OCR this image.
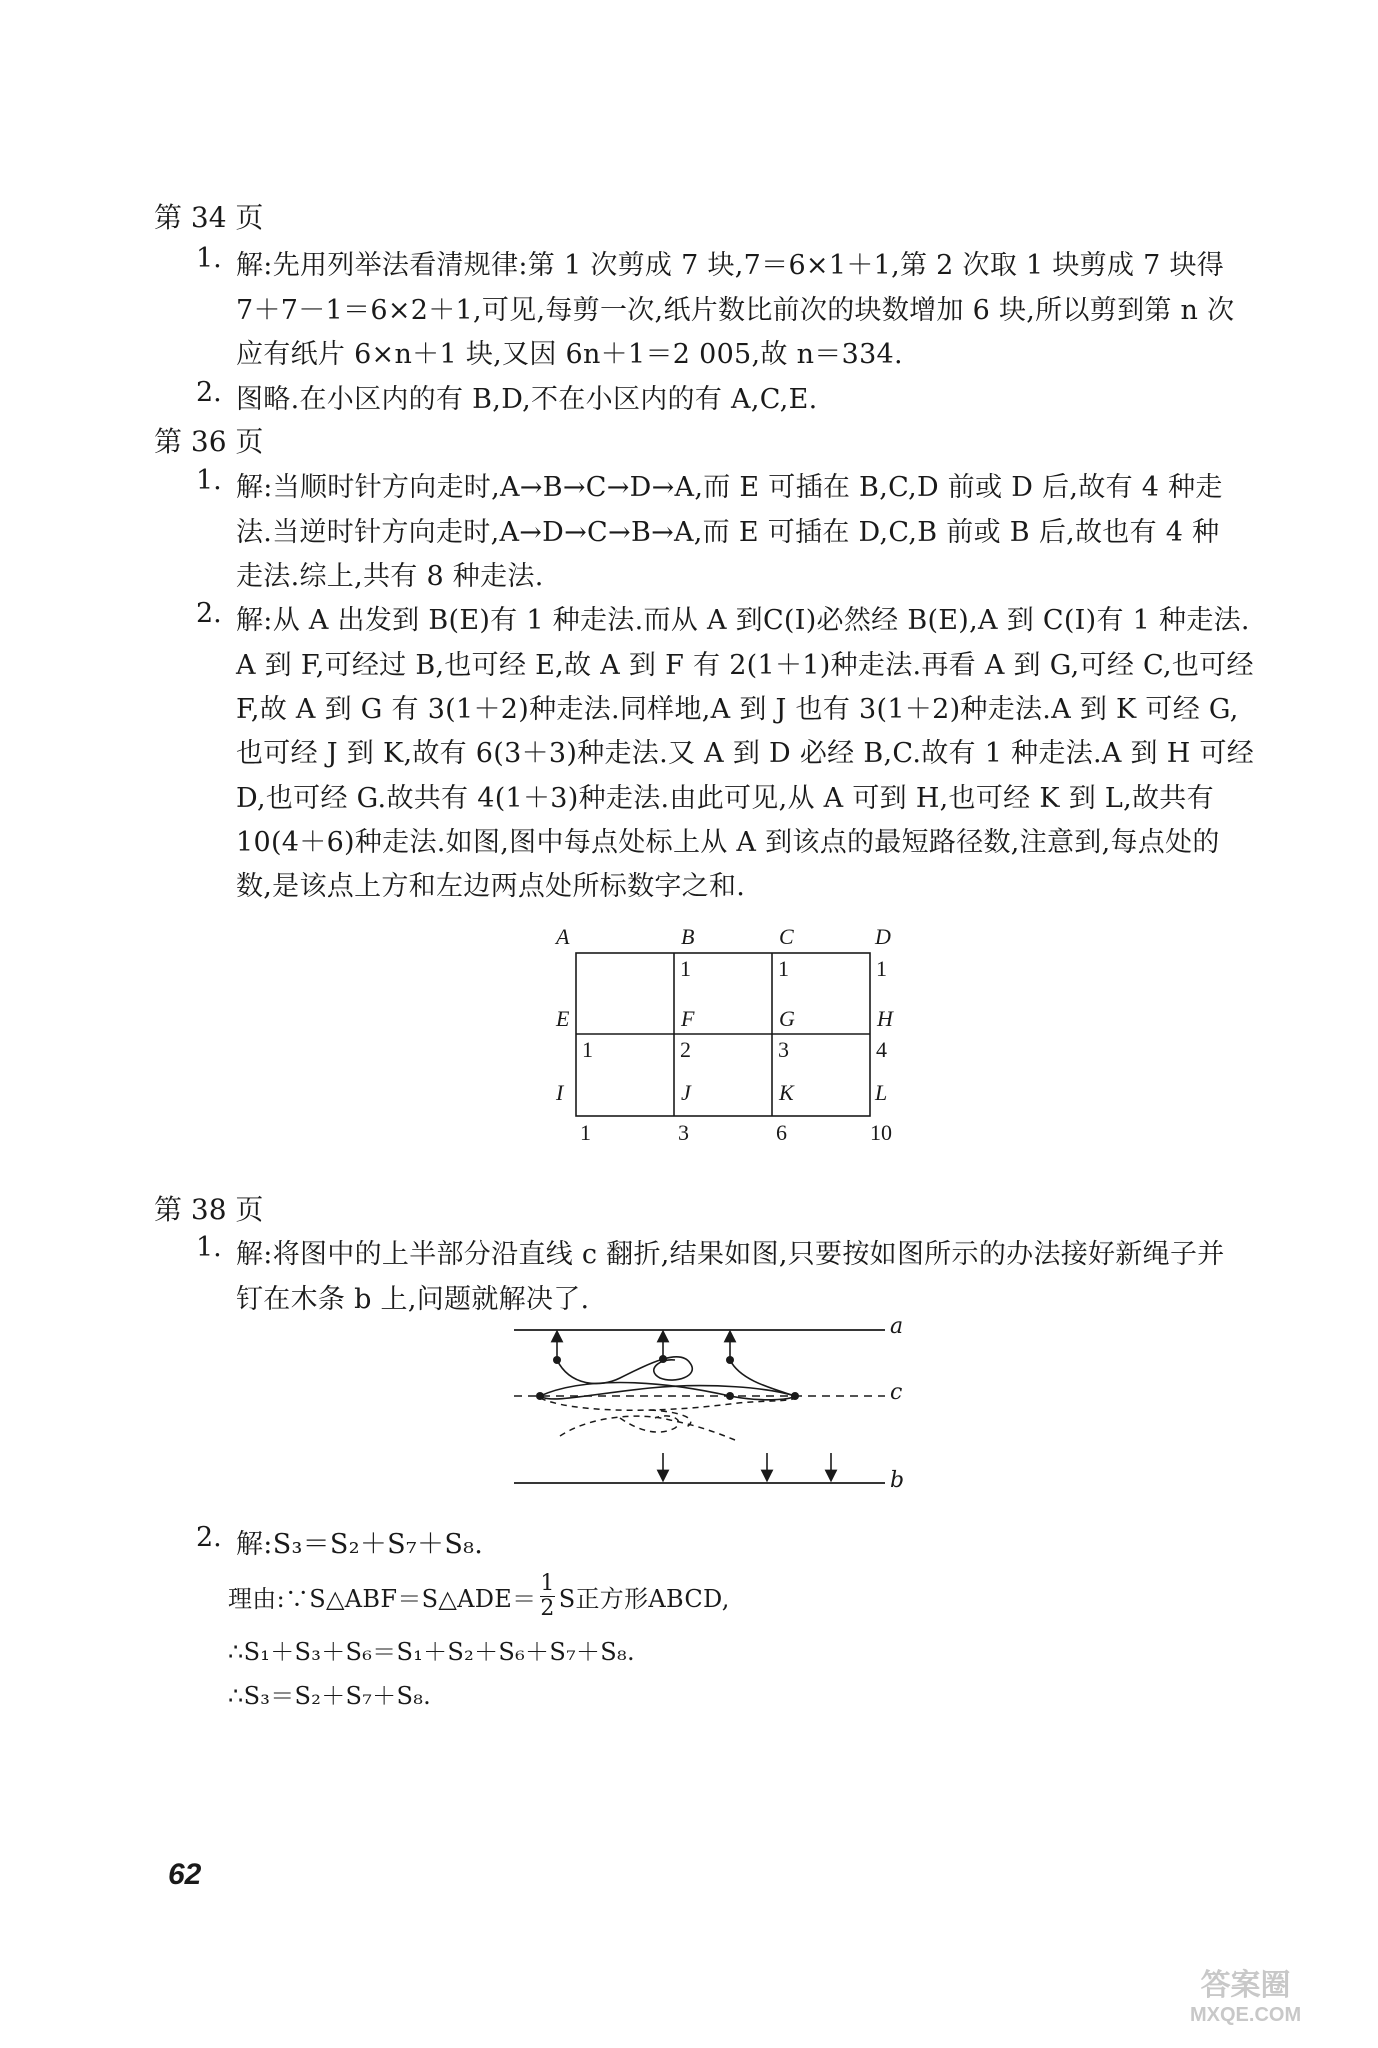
第 34 页
1. 解:先用列举法看清规律:第 1 次剪成 7 块,7＝6×1＋1,第 2 次取 1 块剪成 7 块得
7＋7－1＝6×2＋1,可见,每剪一次,纸片数比前次的块数增加 6 块,所以剪到第 n 次
应有纸片 6×n＋1 块,又因 6n＋1＝2 005,故 n＝334.
2. 图略.在小区内的有 B,D,不在小区内的有 A,C,E.
第 36 页
1. 解:当顺时针方向走时,A→B→C→D→A,而 E 可插在 B,C,D 前或 D 后,故有 4 种走
法.当逆时针方向走时,A→D→C→B→A,而 E 可插在 D,C,B 前或 B 后,故也有 4 种
走法.综上,共有 8 种走法.
2. 解:从 A 出发到 B(E)有 1 种走法.而从 A 到C(I)必然经 B(E),A 到 C(I)有 1 种走法.
A 到 F,可经过 B,也可经 E,故 A 到 F 有 2(1＋1)种走法.再看 A 到 G,可经 C,也可经
F,故 A 到 G 有 3(1＋2)种走法.同样地,A 到 J 也有 3(1＋2)种走法.A 到 K 可经 G,
也可经 J 到 K,故有 6(3＋3)种走法.又 A 到 D 必经 B,C.故有 1 种走法.A 到 H 可经
D,也可经 G.故共有 4(1＋3)种走法.由此可见,从 A 可到 H,也可经 K 到 L,故共有
10(4＋6)种走法.如图,图中每点处标上从 A 到该点的最短路径数,注意到,每点处的
数,是该点上方和左边两点处所标数字之和.
A	B	C	D
1	1	1
E	F	G	H
1	2	3	4
I	J	K	L
1	3	6	10
第 38 页
1. 解:将图中的上半部分沿直线 c 翻折,结果如图,只要按如图所示的办法接好新绳子并
钉在木条 b 上,问题就解决了.
a
c
b
2. 解:S₃＝S₂＋S₇＋S₈.
理由:∵ S△ABF＝S△ADE＝ $\frac{1}{2}$ S正方形ABCD,
∴S₁＋S₃＋S₆＝S₁＋S₂＋S₆＋S₇＋S₈.
∴S₃＝S₂＋S₇＋S₈.
62
答案圈
MXQE.COM
